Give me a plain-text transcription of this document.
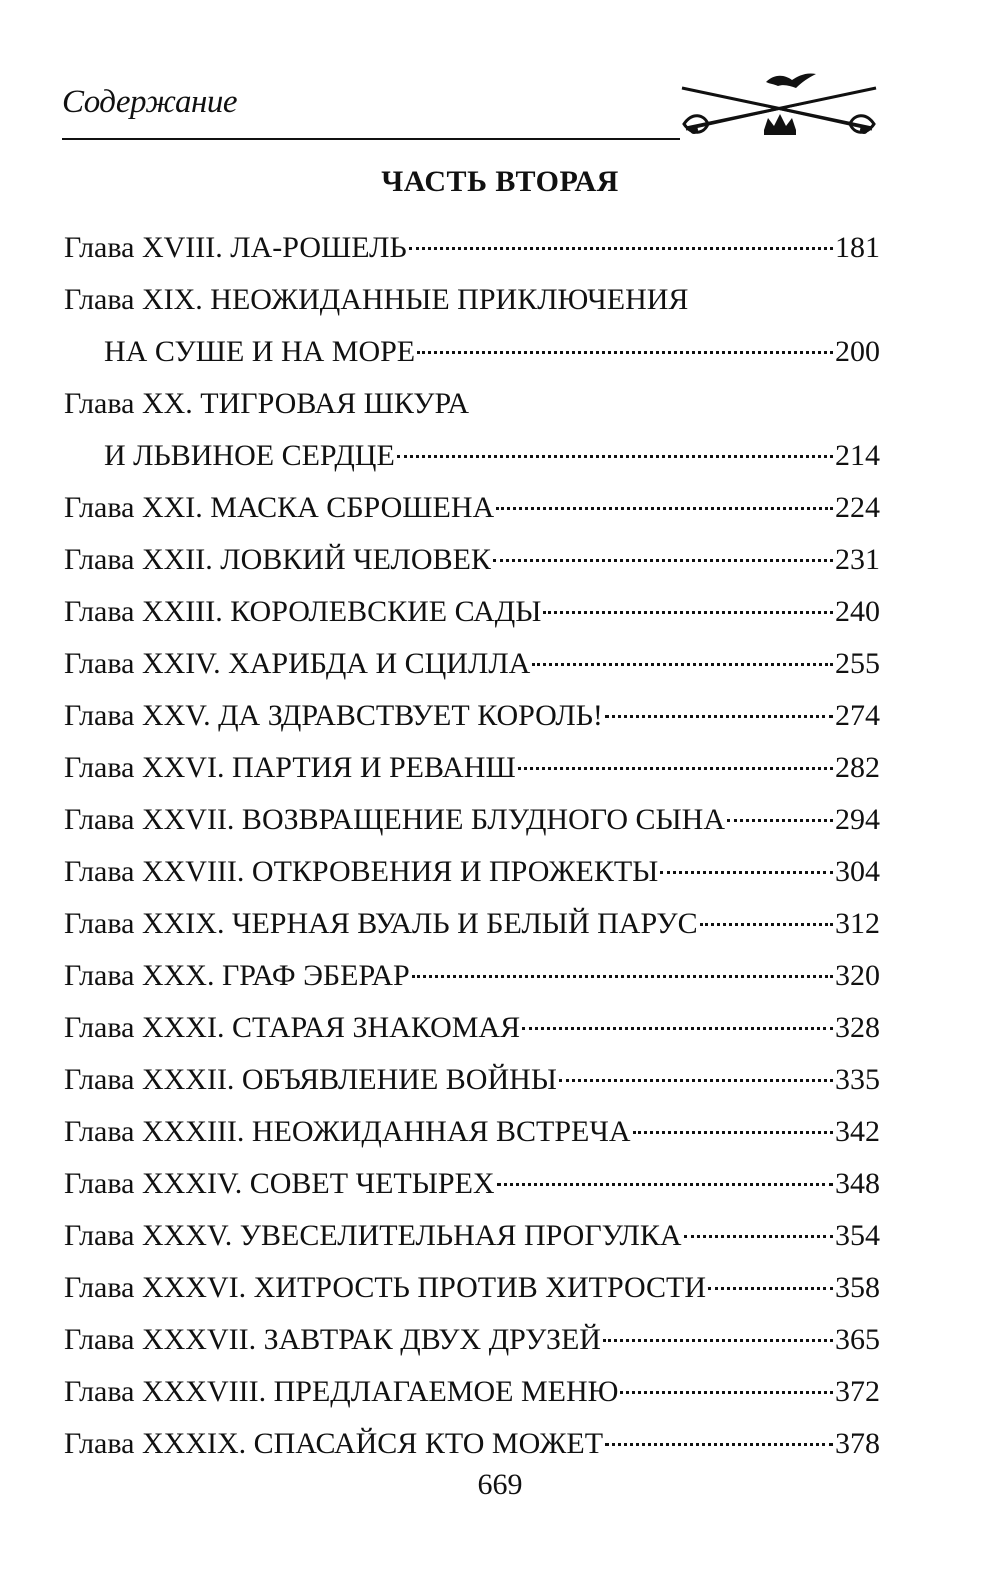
Содержание
ЧАСТЬ ВТОРАЯ
Глава XVIII. ЛА-РОШЕЛЬ	181
Глава XIX. НЕОЖИДАННЫЕ ПРИКЛЮЧЕНИЯ
НА СУШЕ И НА МОРЕ	200
Глава XX. ТИГРОВАЯ ШКУРА
И ЛЬВИНОЕ СЕРДЦЕ	214
Глава XXI. МАСКА СБРОШЕНА	224
Глава XXII. ЛОВКИЙ ЧЕЛОВЕК	231
Глава XXIII. КОРОЛЕВСКИЕ САДЫ	240
Глава XXIV. ХАРИБДА И СЦИЛЛА	255
Глава XXV. ДА ЗДРАВСТВУЕТ КОРОЛЬ!	274
Глава XXVI. ПАРТИЯ И РЕВАНШ	282
Глава XXVII. ВОЗВРАЩЕНИЕ БЛУДНОГО СЫНА	294
Глава XXVIII. ОТКРОВЕНИЯ И ПРОЖЕКТЫ	304
Глава XXIX. ЧЕРНАЯ ВУАЛЬ И БЕЛЫЙ ПАРУС	312
Глава XXX. ГРАФ ЭБЕРАР	320
Глава XXXI. СТАРАЯ ЗНАКОМАЯ	328
Глава XXXII. ОБЪЯВЛЕНИЕ ВОЙНЫ	335
Глава XXXIII. НЕОЖИДАННАЯ ВСТРЕЧА	342
Глава XXXIV. СОВЕТ ЧЕТЫРЕХ	348
Глава XXXV. УВЕСЕЛИТЕЛЬНАЯ ПРОГУЛКА	354
Глава XXXVI. ХИТРОСТЬ ПРОТИВ ХИТРОСТИ	358
Глава XXXVII. ЗАВТРАК ДВУХ ДРУЗЕЙ	365
Глава XXXVIII. ПРЕДЛАГАЕМОЕ МЕНЮ	372
Глава XXXIX. СПАСАЙСЯ КТО МОЖЕТ	378
669
